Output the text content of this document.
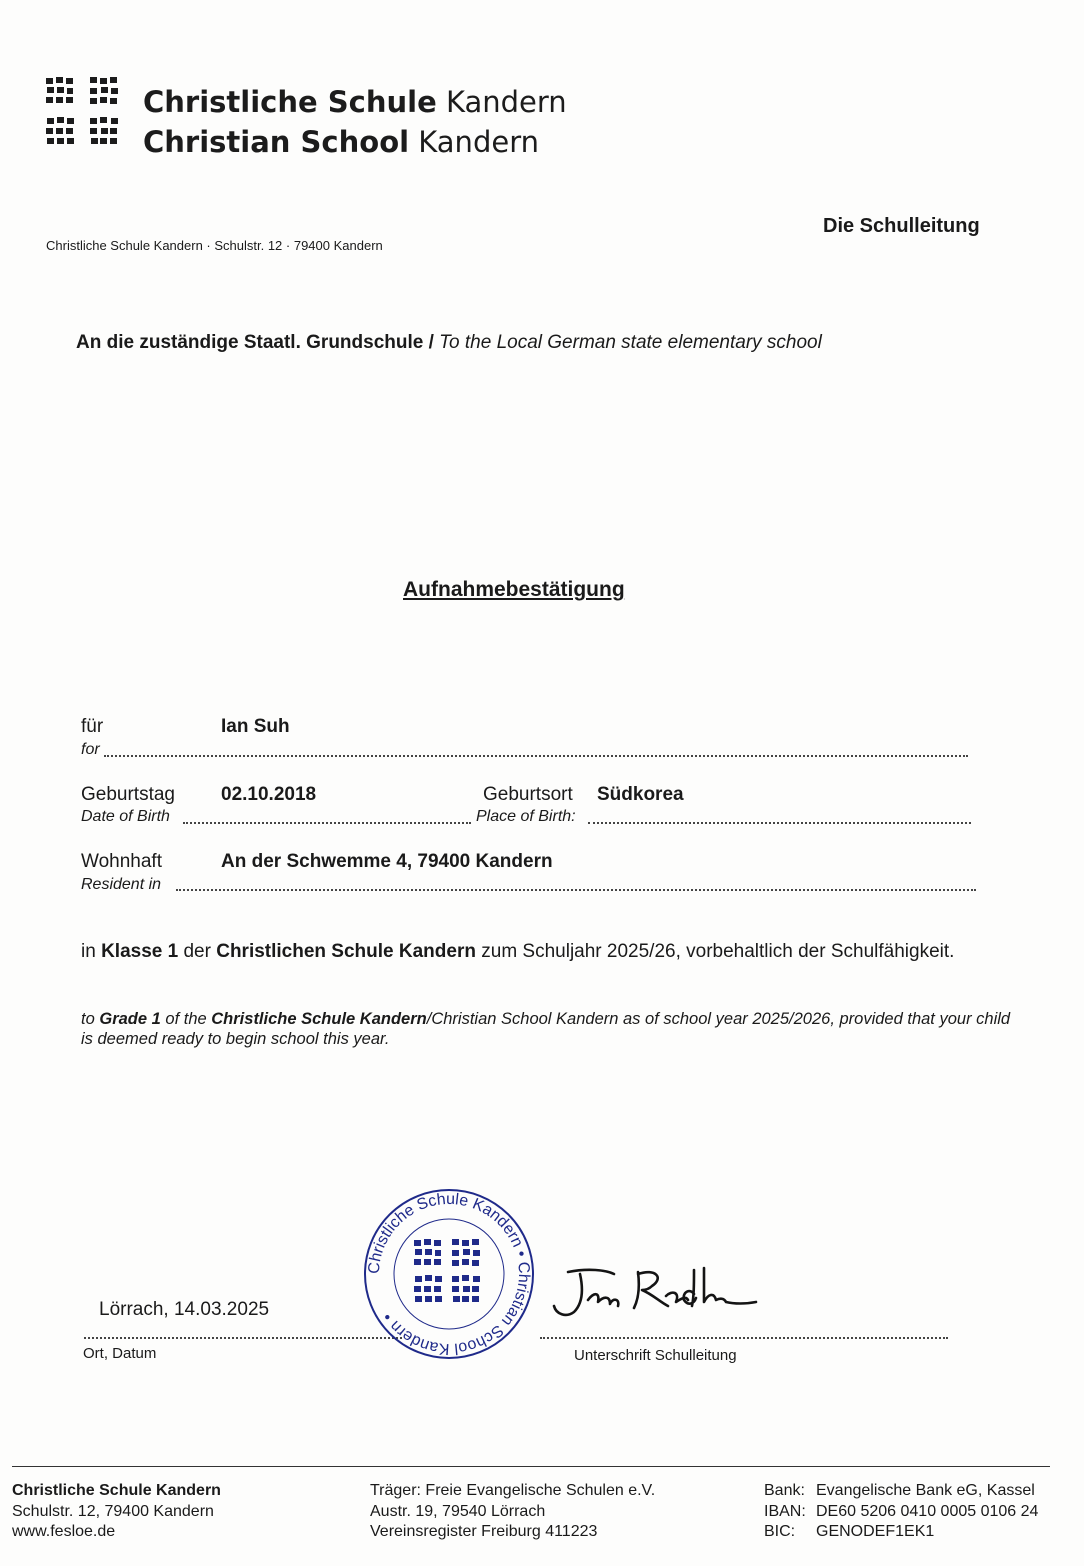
Christliche Schule Kandern
Christian School Kandern
Christliche Schule Kandern · Schulstr. 12 · 79400 Kandern
Die Schulleitung
An die zuständige Staatl. Grundschule / To the Local German state elementary school
Aufnahmebestätigung
für	Ian Suh
for
Geburtstag 02.10.2018
Date of Birth
Geburtsort Südkorea
Place of Birth:
Wohnhaft	An der Schwemme 4, 79400 Kandern
Resident in
in Klasse 1 der Christlichen Schule Kandern zum Schuljahr 2025/26, vorbehaltlich der Schulfähigkeit.
to Grade 1 of the Christliche Schule Kandern/Christian School Kandern as of school year 2025/2026, provided that your child is deemed ready to begin school this year.
Lörrach, 14.03.2025
Ort, Datum
Christliche Schule Kandern • Christian School Kandern •
Unterschrift Schulleitung
Christliche Schule Kandern
Schulstr. 12, 79400 Kandern
www.fesloe.de
Träger: Freie Evangelische Schulen e.V.
Austr. 19, 79540 Lörrach
Vereinsregister Freiburg 411223
Bank: Evangelische Bank eG, Kassel
IBAN: DE60 5206 0410 0005 0106 24
BIC:	GENODEF1EK1
